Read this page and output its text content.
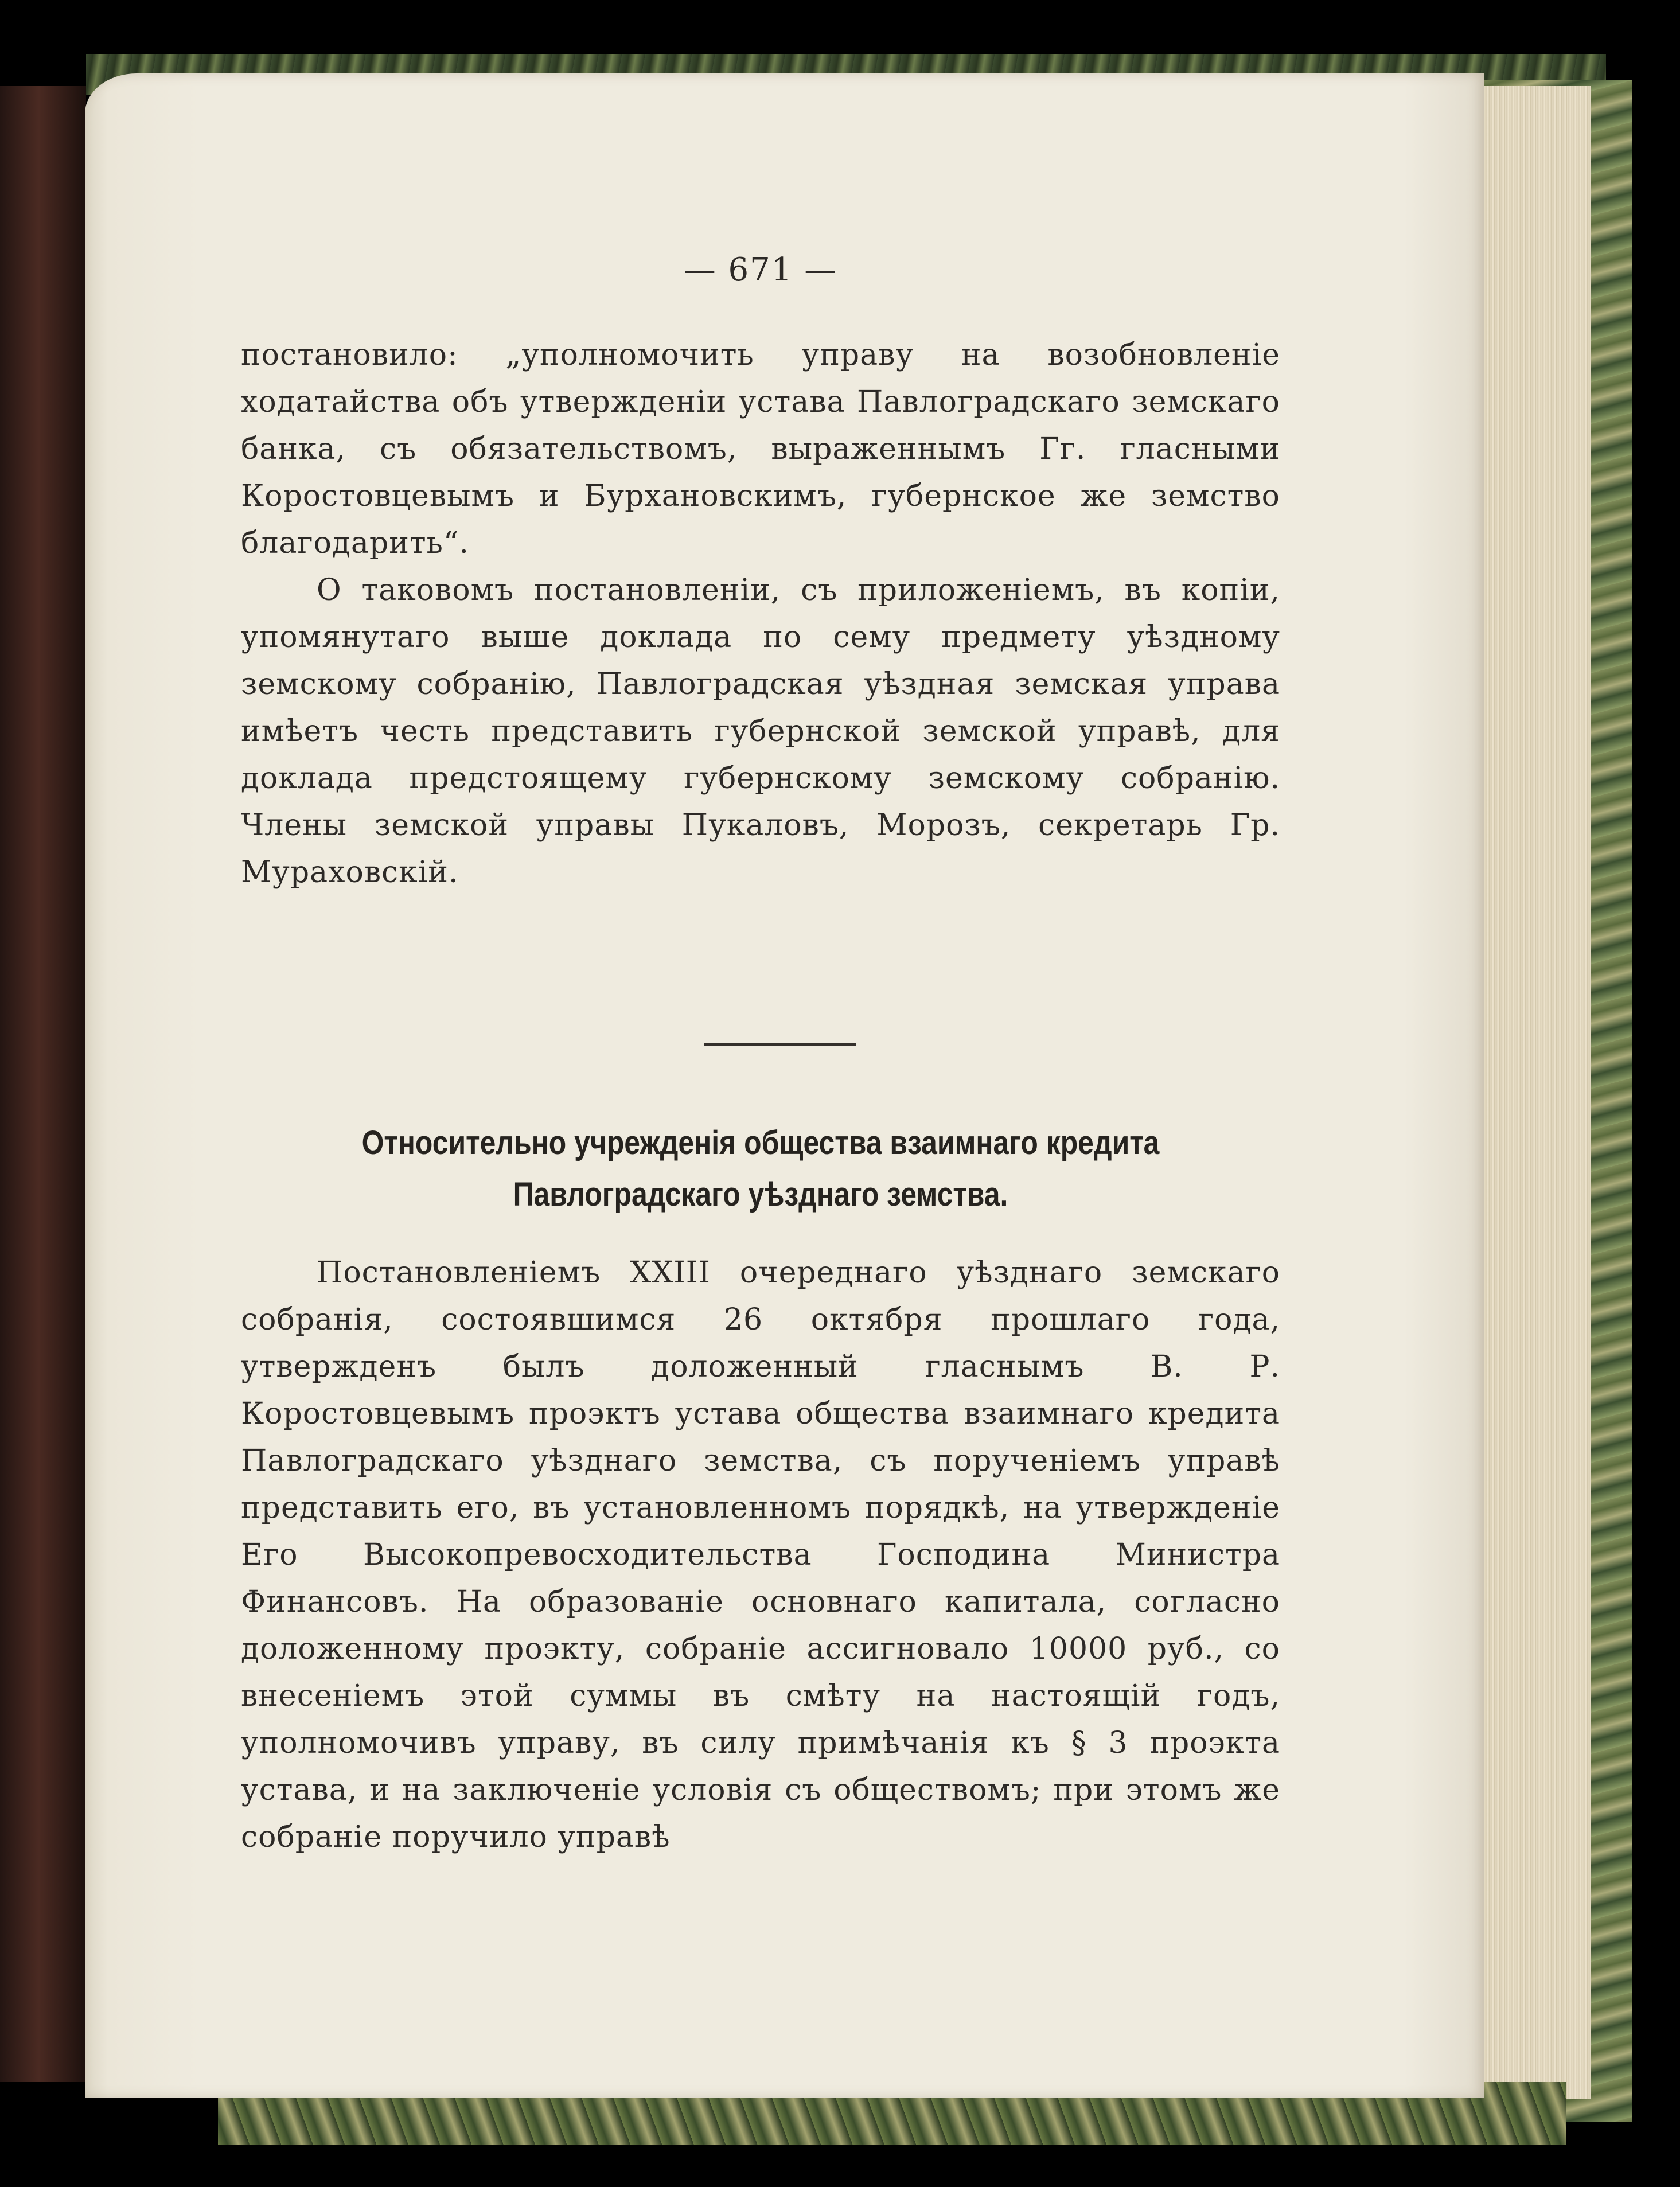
— 671 —

постановило: „уполномочить управу на возобновленіе ходатайства объ утвержденіи устава Павлоградскаго земскаго банка, съ обязательствомъ, выраженнымъ Гг. гласными Коростовцевымъ и Бурхановскимъ, губернское же земство благодарить“.

О таковомъ постановленіи, съ приложеніемъ, въ копіи, упомянутаго выше доклада по сему предмету уѣздному земскому собранію, Павлоградская уѣздная земская управа имѣетъ честь представить губернской земской управѣ, для доклада предстоящему губернскому земскому собранію. Члены земской управы Пукаловъ, Морозъ, секретарь Гр. Мураховскій.

Относительно учрежденія общества взаимнаго кредита Павлоградскаго уѣзднаго земства.

Постановленіемъ XXIII очереднаго уѣзднаго земскаго собранія, состоявшимся 26 октября прошлаго года, утвержденъ былъ доложенный гласнымъ В. Р. Коростовцевымъ проэктъ устава общества взаимнаго кредита Павлоградскаго уѣзднаго земства, съ порученіемъ управѣ представить его, въ установленномъ порядкѣ, на утвержденіе Его Высокопревосходительства Господина Министра Финансовъ. На образованіе основнаго капитала, согласно доложенному проэкту, собраніе ассигновало 10000 руб., со внесеніемъ этой суммы въ смѣту на настоящій годъ, уполномочивъ управу, въ силу примѣчанія къ § 3 проэкта устава, и на заключеніе условія съ обществомъ; при этомъ же собраніе поручило управѣ
